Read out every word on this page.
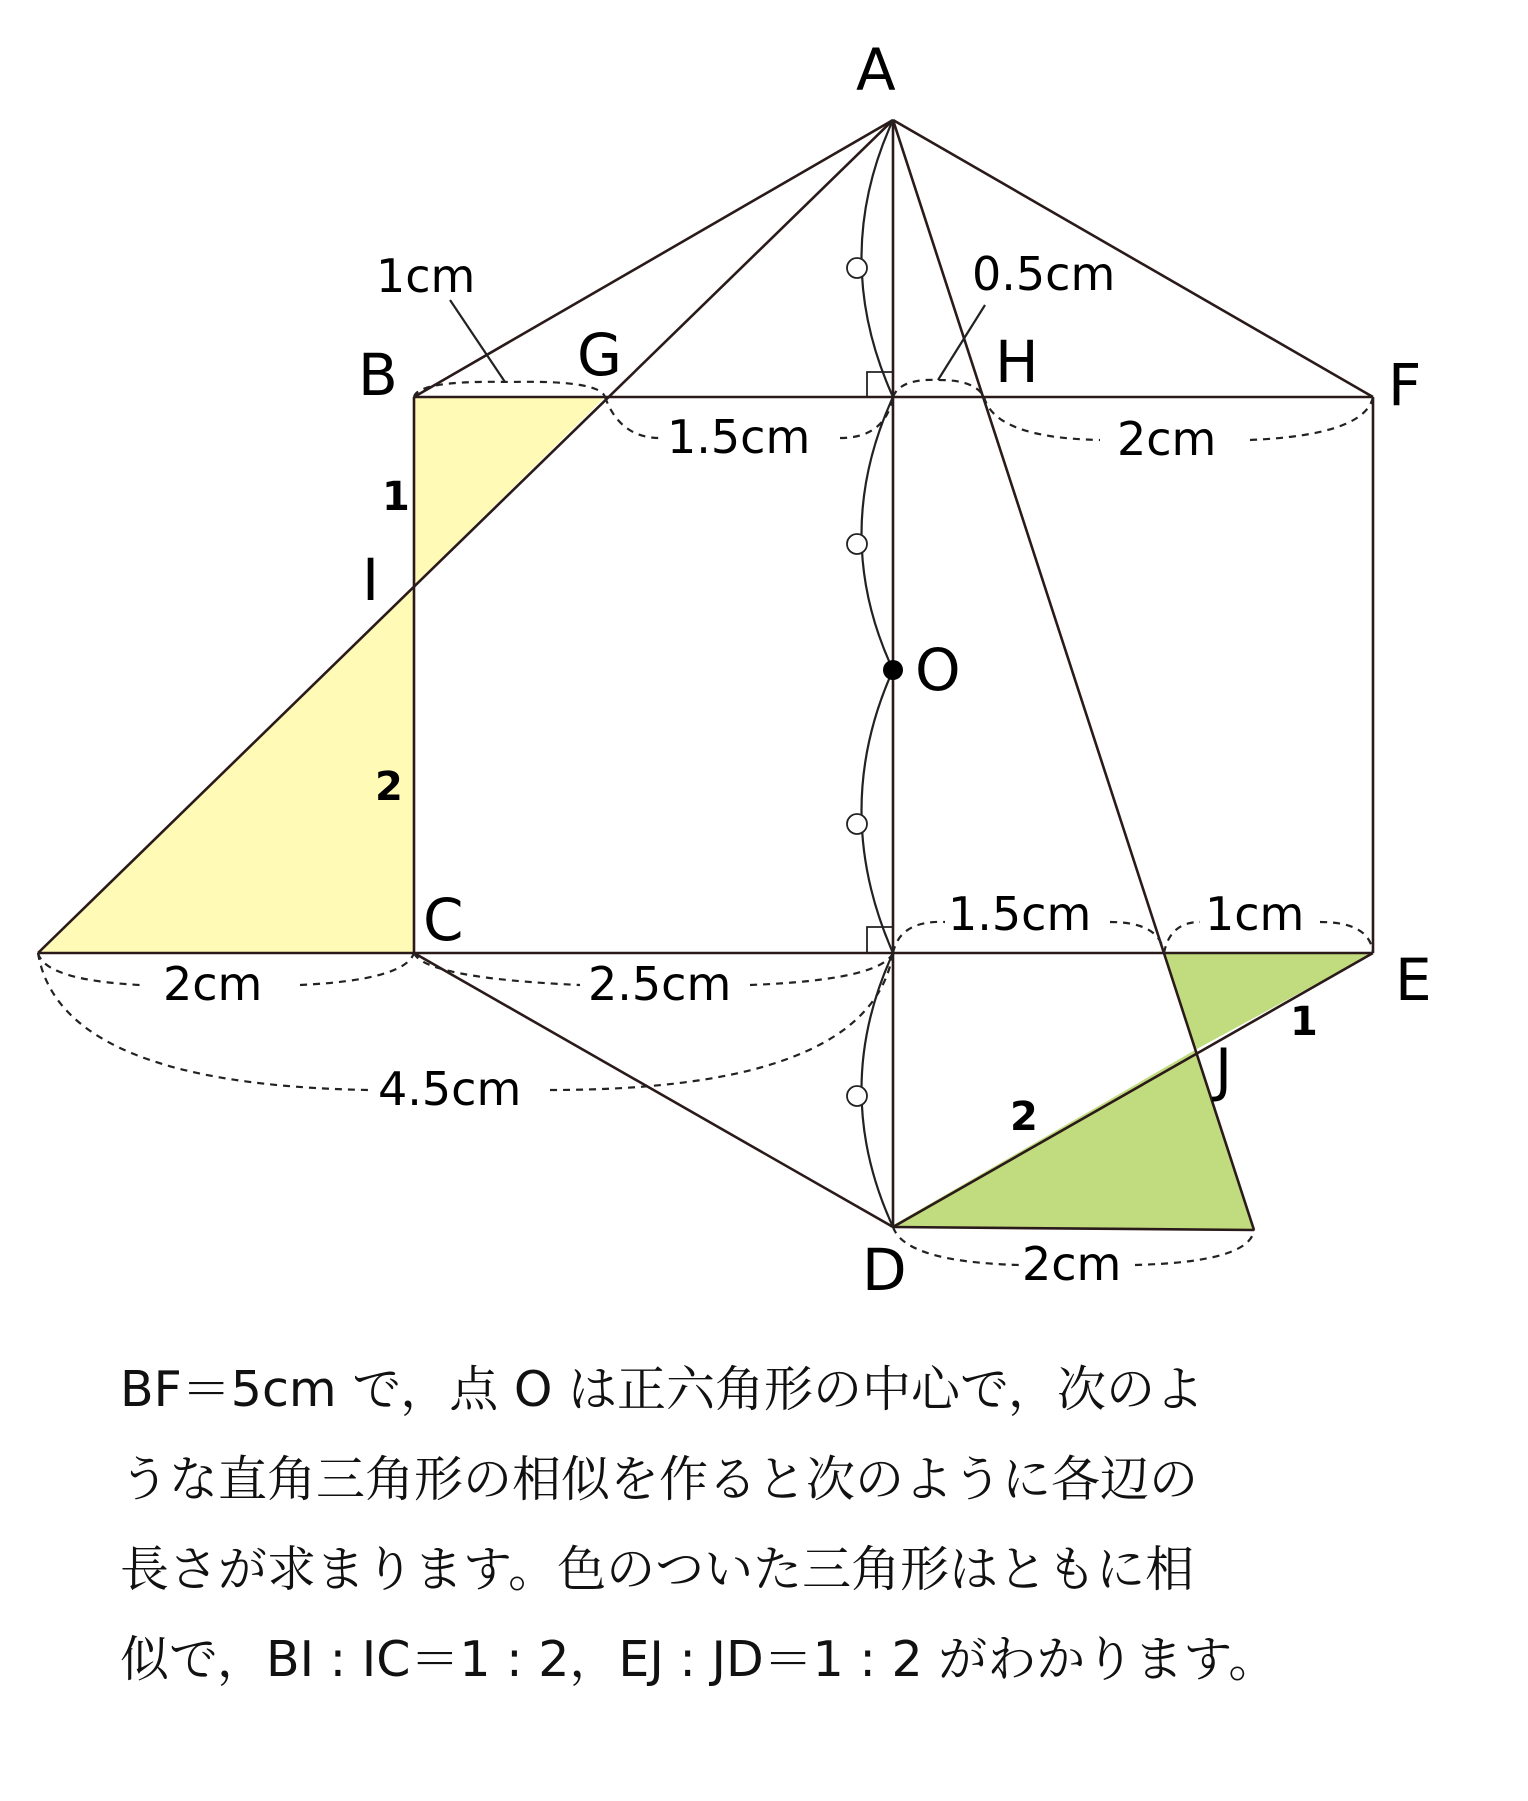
A
B	G	H	F
I
O
C
E
J
D
1cm
1.5cm
0.5cm
2cm
2cm	2.5cm
4.5cm
1.5cm 1cm
2cm
1
2
1
2

BF＝5cm で，点 O は正六角形の中心で，次のよ

うな直角三角形の相似を作ると次のように各辺の

長さが求まります。色のついた三角形はともに相

似で，BI : IC＝1 : 2，EJ : JD＝1 : 2 がわかります。
